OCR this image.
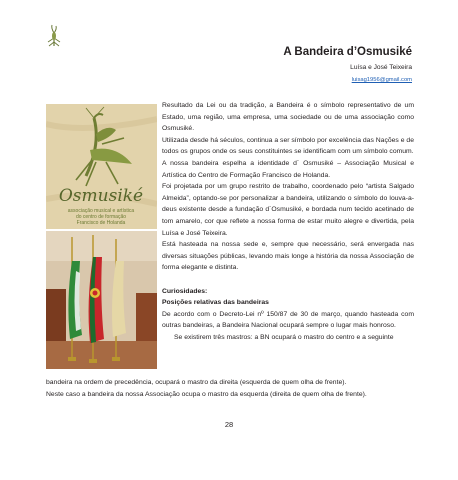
A Bandeira d’Osmusiké
Luísa e José Teixeira
luisag1956@gmail.com
Osmusiké
associação musical e artística
do centro de formação
Francisco de Holanda

Resultado da Lei ou da tradição, a Bandeira é o símbolo representativo de um Estado, uma região, uma empresa, uma sociedade ou de uma associação como Osmusiké.

Utilizada desde há séculos, continua a ser símbolo por excelência das Nações e de todos os grupos onde os seus constituintes se identificam com um símbolo comum.

A nossa bandeira espelha a identidade d´ Osmusiké – Associação Musical e Artística do Centro de Formação Francisco de Holanda.

Foi projetada por um grupo restrito de trabalho, coordenado pelo “artista Salgado Almeida”, optando-se por personalizar a bandeira, utilizando o símbolo do louva-a-deus existente desde a fundação d´Osmusiké, e bordada num tecido acetinado de tom amarelo, cor que reflete a nossa forma de estar muito alegre e divertida, pela Luísa e José Teixeira.

Está hasteada na nossa sede e, sempre que necessário, será envergada nas diversas situações públicas, levando mais longe a história da nossa Associação de forma elegante e distinta.

Curiosidades:

Posições relativas das bandeiras

De acordo com o Decreto-Lei nº 150/87 de 30 de março, quando hasteada com outras bandeiras, a Bandeira Nacional ocupará sempre o lugar mais honroso.

Se existirem três mastros: a BN ocupará o mastro do centro e a seguinte

bandeira na ordem de precedência, ocupará o mastro da direita (esquerda de quem olha de frente).

Neste caso a bandeira da nossa Associação ocupa o mastro da esquerda (direita de quem olha de frente).

28
